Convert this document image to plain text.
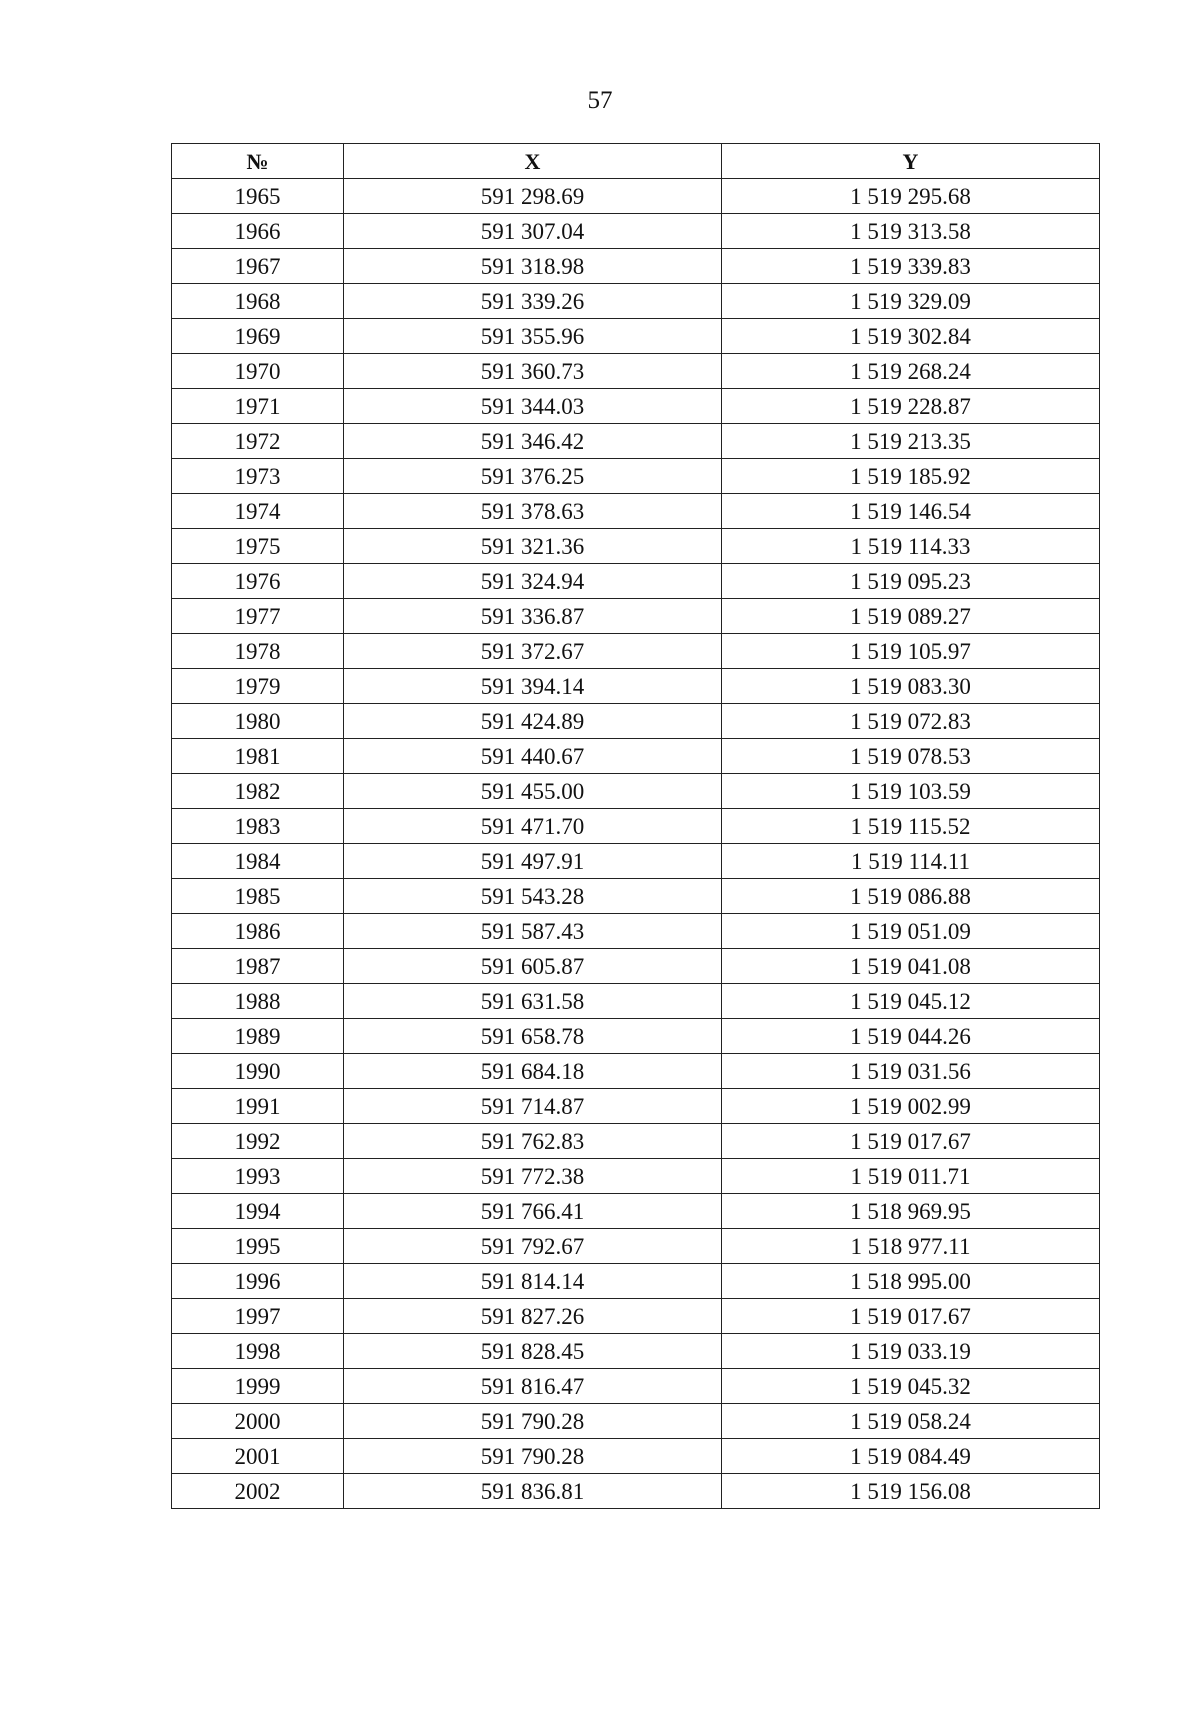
57
№	X	Y
1965	591 298.69	1 519 295.68
1966	591 307.04	1 519 313.58
1967	591 318.98	1 519 339.83
1968	591 339.26	1 519 329.09
1969	591 355.96	1 519 302.84
1970	591 360.73	1 519 268.24
1971	591 344.03	1 519 228.87
1972	591 346.42	1 519 213.35
1973	591 376.25	1 519 185.92
1974	591 378.63	1 519 146.54
1975	591 321.36	1 519 114.33
1976	591 324.94	1 519 095.23
1977	591 336.87	1 519 089.27
1978	591 372.67	1 519 105.97
1979	591 394.14	1 519 083.30
1980	591 424.89	1 519 072.83
1981	591 440.67	1 519 078.53
1982	591 455.00	1 519 103.59
1983	591 471.70	1 519 115.52
1984	591 497.91	1 519 114.11
1985	591 543.28	1 519 086.88
1986	591 587.43	1 519 051.09
1987	591 605.87	1 519 041.08
1988	591 631.58	1 519 045.12
1989	591 658.78	1 519 044.26
1990	591 684.18	1 519 031.56
1991	591 714.87	1 519 002.99
1992	591 762.83	1 519 017.67
1993	591 772.38	1 519 011.71
1994	591 766.41	1 518 969.95
1995	591 792.67	1 518 977.11
1996	591 814.14	1 518 995.00
1997	591 827.26	1 519 017.67
1998	591 828.45	1 519 033.19
1999	591 816.47	1 519 045.32
2000	591 790.28	1 519 058.24
2001	591 790.28	1 519 084.49
2002	591 836.81	1 519 156.08
